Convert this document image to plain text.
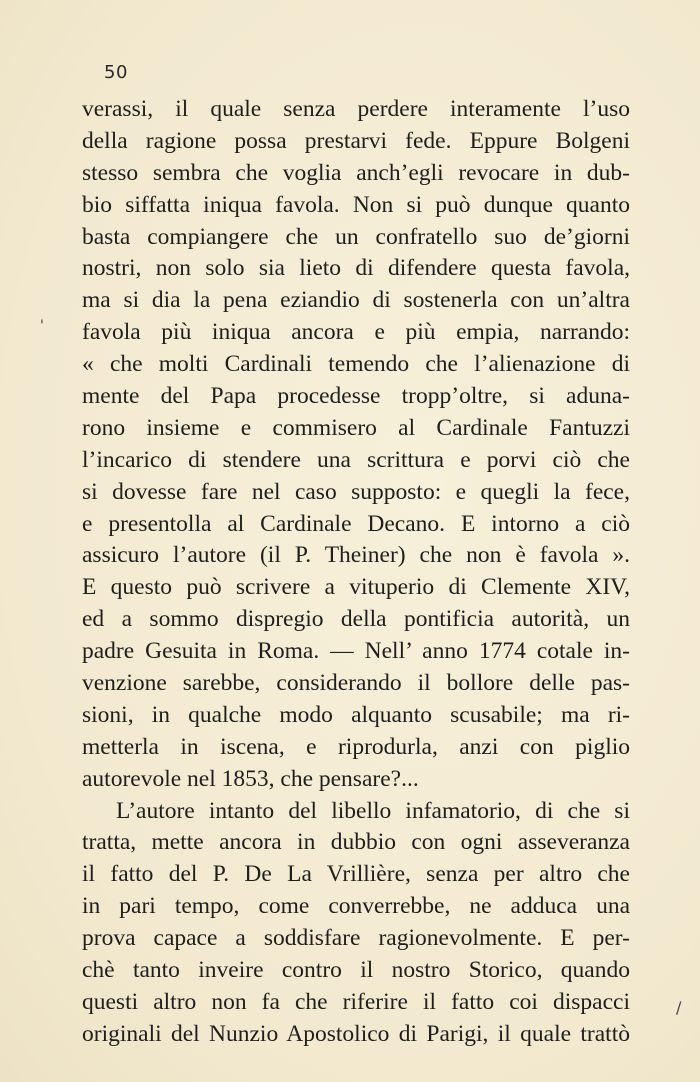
50
'
/
verassi, il quale senza perdere interamente l’uso
della ragione possa prestarvi fede. Eppure Bolgeni
stesso sembra che voglia anch’egli revocare in dub-
bio siffatta iniqua favola. Non si può dunque quanto
basta compiangere che un confratello suo de’giorni
nostri, non solo sia lieto di difendere questa favola,
ma si dia la pena eziandio di sostenerla con un’altra
favola più iniqua ancora e più empia, narrando:
« che molti Cardinali temendo che l’alienazione di
mente del Papa procedesse tropp’oltre, si aduna-
rono insieme e commisero al Cardinale Fantuzzi
l’incarico di stendere una scrittura e porvi ciò che
si dovesse fare nel caso supposto: e quegli la fece,
e presentolla al Cardinale Decano. E intorno a ciò
assicuro l’autore (il P. Theiner) che non è favola ».
E questo può scrivere a vituperio di Clemente XIV,
ed a sommo dispregio della pontificia autorità, un
padre Gesuita in Roma. — Nell’ anno 1774 cotale in-
venzione sarebbe, considerando il bollore delle pas-
sioni, in qualche modo alquanto scusabile; ma ri-
metterla in iscena, e riprodurla, anzi con piglio
autorevole nel 1853, che pensare?...
L’autore intanto del libello infamatorio, di che si
tratta, mette ancora in dubbio con ogni asseveranza
il fatto del P. De La Vrillière, senza per altro che
in pari tempo, come converrebbe, ne adduca una
prova capace a soddisfare ragionevolmente. E per-
chè tanto inveire contro il nostro Storico, quando
questi altro non fa che riferire il fatto coi dispacci
originali del Nunzio Apostolico di Parigi, il quale trattò
